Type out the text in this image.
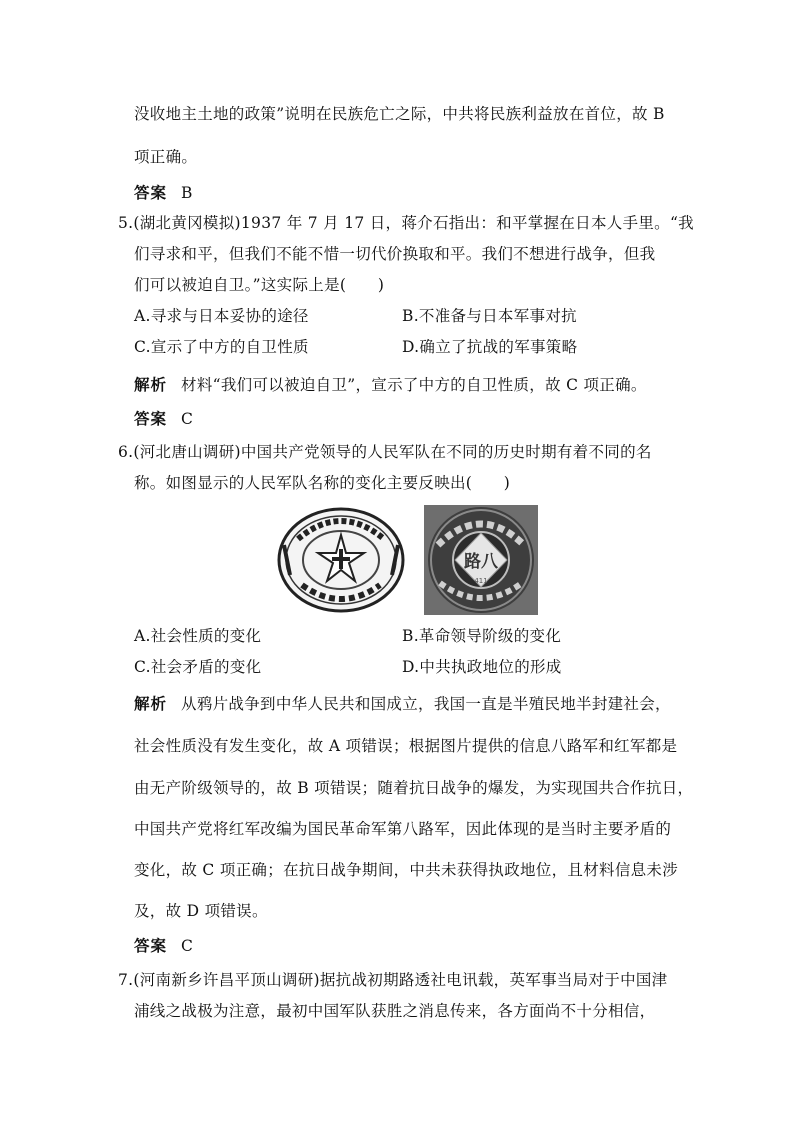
没收地主土地的政策”说明在民族危亡之际，中共将民族利益放在首位，故 B
项正确。
答案 B
5.(湖北黄冈模拟)1937 年 7 月 17 日，蒋介石指出：和平掌握在日本人手里。“我
们寻求和平，但我们不能不惜一切代价换取和平。我们不想进行战争，但我
们可以被迫自卫。”这实际上是(　　)
A.寻求与日本妥协的途径	B.不准备与日本军事对抗
C.宣示了中方的自卫性质	D.确立了抗战的军事策略
解析 材料“我们可以被迫自卫”，宣示了中方的自卫性质，故 C 项正确。
答案 C
6.(河北唐山调研)中国共产党领导的人民军队在不同的历史时期有着不同的名
称。如图显示的人民军队名称的变化主要反映出(　　)
路八
411
A.社会性质的变化	B.革命领导阶级的变化
C.社会矛盾的变化	D.中共执政地位的形成
解析 从鸦片战争到中华人民共和国成立，我国一直是半殖民地半封建社会，
社会性质没有发生变化，故 A 项错误；根据图片提供的信息八路军和红军都是
由无产阶级领导的，故 B 项错误；随着抗日战争的爆发，为实现国共合作抗日，
中国共产党将红军改编为国民革命军第八路军，因此体现的是当时主要矛盾的
变化，故 C 项正确；在抗日战争期间，中共未获得执政地位，且材料信息未涉
及，故 D 项错误。
答案 C
7.(河南新乡许昌平顶山调研)据抗战初期路透社电讯载，英军事当局对于中国津
浦线之战极为注意，最初中国军队获胜之消息传来，各方面尚不十分相信，
